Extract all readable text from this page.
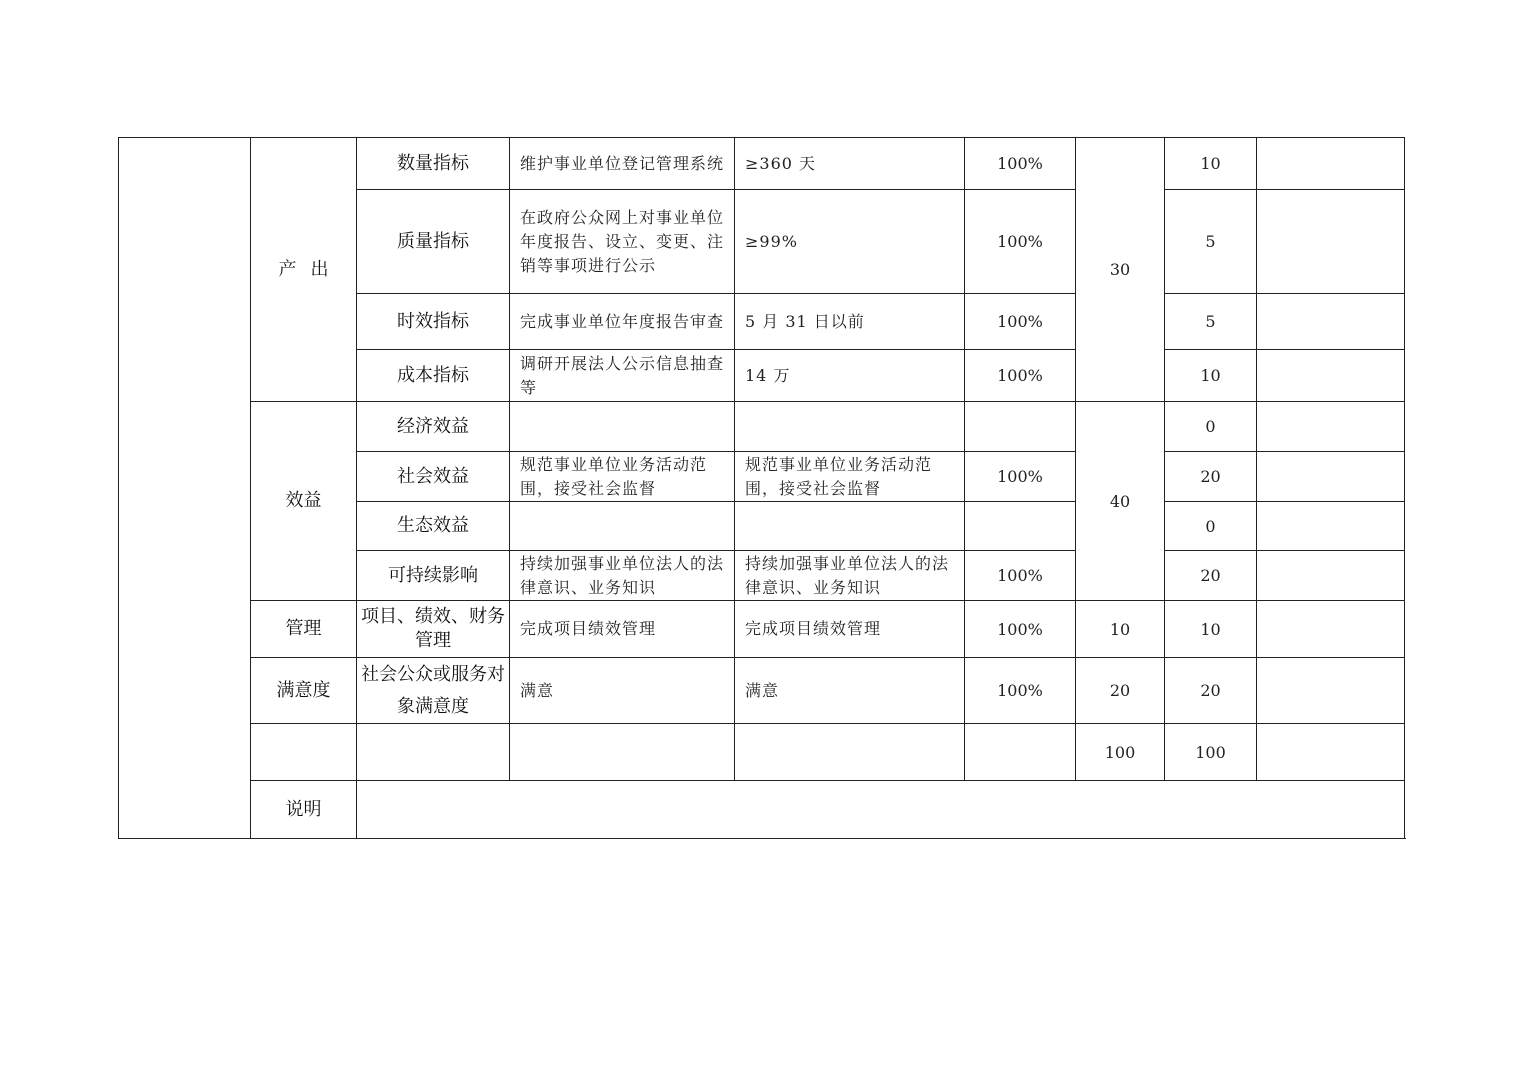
	产出	数量指标	维护事业单位登记管理系统	≥360 天	100%	30	10	
		质量指标	在政府公众网上对事业单位年度报告、设立、变更、注销等事项进行公示	≥99%	100%		5	
		时效指标	完成事业单位年度报告审查	5 月 31 日以前	100%		5	
		成本指标	调研开展法人公示信息抽查等	14 万	100%		10	
	效益	经济效益				40	0	
		社会效益	规范事业单位业务活动范围，接受社会监督	规范事业单位业务活动范围，接受社会监督	100%		20	
		生态效益					0	
		可持续影响	持续加强事业单位法人的法律意识、业务知识	持续加强事业单位法人的法律意识、业务知识	100%		20	
	管理	项目、绩效、财务管理	完成项目绩效管理	完成项目绩效管理	100%	10	10	
	满意度	社会公众或服务对象满意度	满意	满意	100%	20	20	
						100	100	
	说明							
